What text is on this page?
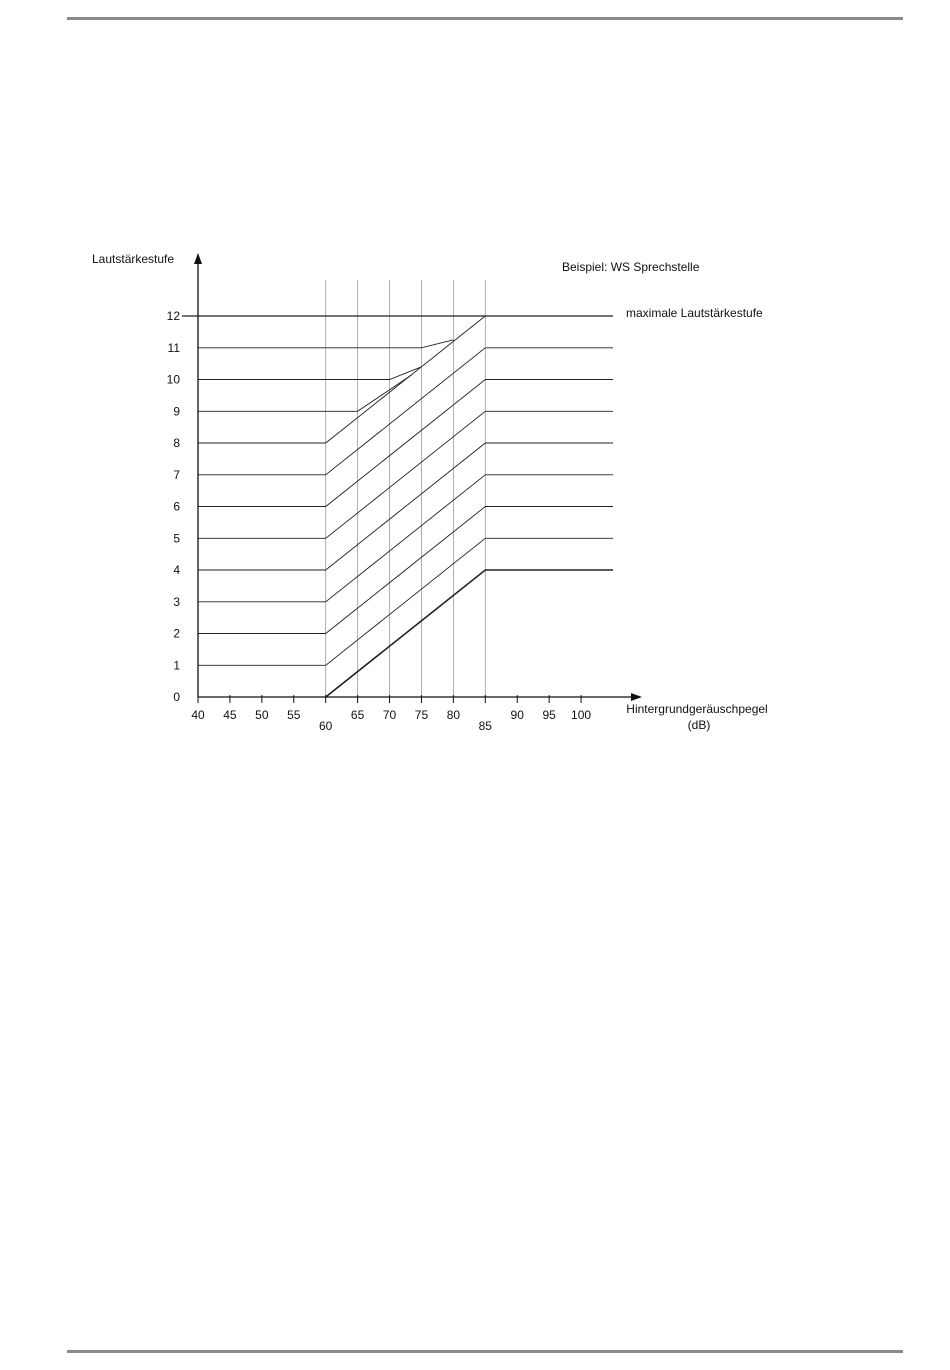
40 45 50 55	65 70 75 80	90 95 100
60	85
0
1
2
3
4
5
6
7
8
9
10
11
12
Lautstärkestufe
Beispiel: WS Sprechstelle
maximale Lautstärkestufe
Hintergrundgeräuschpegel
(dB)
